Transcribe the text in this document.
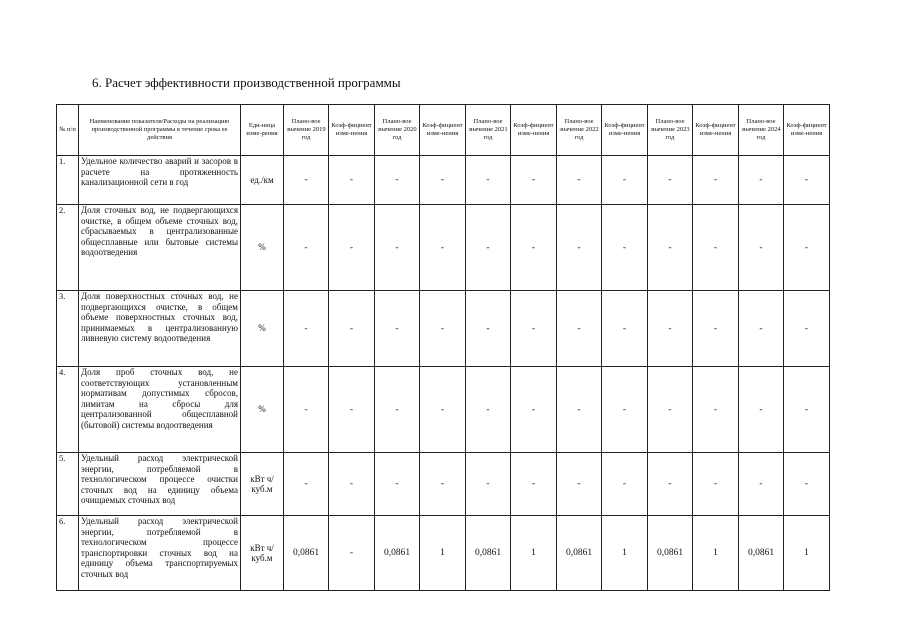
6. Расчет эффективности производственной программы
№ п/п	Наименование показателя/Расходы на реализацию производственной программы в течение срока ее действия	Еди-ница изме-рения	Плано-вое значение 2019 год	Коэф-фициент изме-нения	Плано-вое значение 2020 год	Коэф-фициент изме-нения	Плано-вое значение 2021 год	Коэф-фициент изме-нения	Плано-вое значение 2022 год	Коэф-фициент изме-нения	Плано-вое значение 2023 год	Коэф-фициент изме-нения	Плано-вое значение 2024 год	Коэф-фициент изме-нения
1.	Удельное количество аварий и засоров в расчете на протяженность канализационной сети в год	ед./км	-	-	-	-	-	-	-	-	-	-	-	-
2.	Доля сточных вод, не подвергающихся очистке, в общем объеме сточных вод, сбрасываемых в централизованные общесплавные или бытовые системы водоотведения	%	-	-	-	-	-	-	-	-	-	-	-	-
3.	Доля поверхностных сточных вод, не подвергающихся очистке, в общем объеме поверхностных сточных вод, принимаемых в централизованную ливневую систему водоотведения	%	-	-	-	-	-	-	-	-	-	-	-	-
4.	Доля проб сточных вод, не соответствующих установленным нормативам допустимых сбросов, лимитам на сбросы для централизованной общесплавной (бытовой) системы водоотведения	%	-	-	-	-	-	-	-	-	-	-	-	-
5.	Удельный расход электрической энергии, потребляемой в технологическом процессе очистки сточных вод на единицу объема очищаемых сточных вод	кВт ч/куб.м	-	-	-	-	-	-	-	-	-	-	-	-
6.	Удельный расход электрической энергии, потребляемой в технологическом процессе транспортировки сточных вод на единицу объема транспортируемых сточных вод	кВт ч/куб.м	0,0861	-	0,0861	1	0,0861	1	0,0861	1	0,0861	1	0,0861	1
